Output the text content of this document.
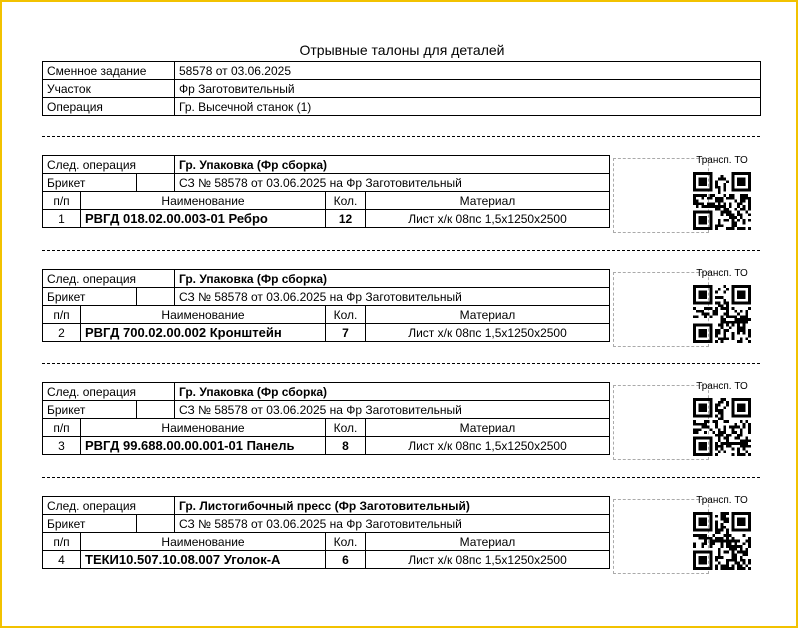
Отрывные талоны для деталей
Сменное задание	58578 от 03.06.2025
Участок	Фр Заготовительный
Операция	Гр. Высечной станок (1)
След. операция			Гр. Упаковка (Фр сборка)		
Брикет			СЗ № 58578 от 03.06.2025 на Фр Заготовительный		
п/п	Наименование			Кол.	Материал
1	РВГД 018.02.00.003-01 Ребро			12	Лист х/к 08пс 1,5х1250х2500
Трансп. ТО
След. операция			Гр. Упаковка (Фр сборка)		
Брикет			СЗ № 58578 от 03.06.2025 на Фр Заготовительный		
п/п	Наименование			Кол.	Материал
2	РВГД 700.02.00.002 Кронштейн			7	Лист х/к 08пс 1,5х1250х2500
Трансп. ТО
След. операция			Гр. Упаковка (Фр сборка)		
Брикет			СЗ № 58578 от 03.06.2025 на Фр Заготовительный		
п/п	Наименование			Кол.	Материал
3	РВГД 99.688.00.00.001-01 Панель			8	Лист х/к 08пс 1,5х1250х2500
Трансп. ТО
След. операция			Гр. Листогибочный пресс (Фр Заготовительный)		
Брикет			СЗ № 58578 от 03.06.2025 на Фр Заготовительный		
п/п	Наименование			Кол.	Материал
4	ТЕКИ10.507.10.08.007 Уголок-А			6	Лист х/к 08пс 1,5х1250х2500
Трансп. ТО
